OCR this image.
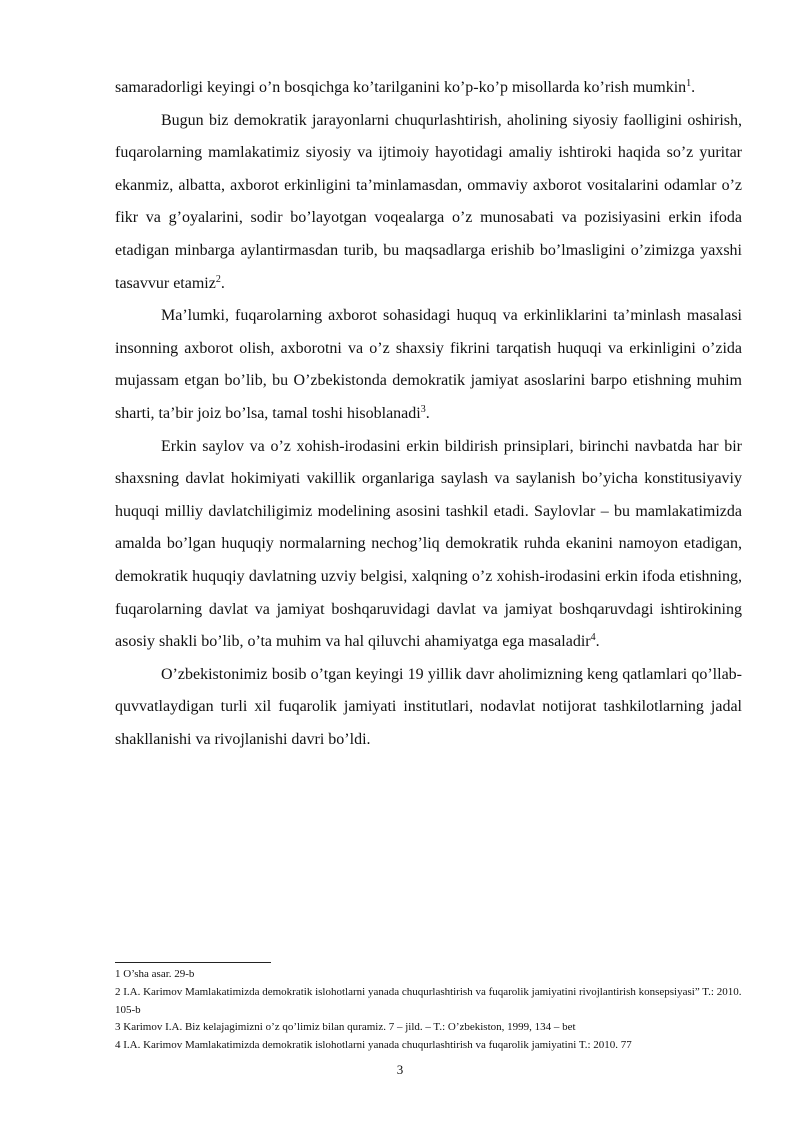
samaradorligi keyingi o’n bosqichga ko’tarilganini ko’p-ko’p misollarda ko’rish mumkin$^1$.

Bugun biz demokratik jarayonlarni chuqurlashtirish, aholining siyosiy faolligini oshirish, fuqarolarning mamlakatimiz siyosiy va ijtimoiy hayotidagi amaliy ishtiroki haqida so’z yuritar ekanmiz, albatta, axborot erkinligini ta’minlamasdan, ommaviy axborot vositalarini odamlar o’z fikr va g’oyalarini, sodir bo’layotgan voqealarga o’z munosabati va pozisiyasini erkin ifoda etadigan minbarga aylantirmasdan turib, bu maqsadlarga erishib bo’lmasligini o’zimizga yaxshi tasavvur etamiz$^2$.

Ma’lumki, fuqarolarning axborot sohasidagi huquq va erkinliklarini ta’minlash masalasi insonning axborot olish, axborotni va o’z shaxsiy fikrini tarqatish huquqi va erkinligini o’zida mujassam etgan bo’lib, bu O’zbekistonda demokratik jamiyat asoslarini barpo etishning muhim sharti, ta’bir joiz bo’lsa, tamal toshi hisoblanadi$^3$.

Erkin saylov va o’z xohish-irodasini erkin bildirish prinsiplari, birinchi navbatda har bir shaxsning davlat hokimiyati vakillik organlariga saylash va saylanish bo’yicha konstitusiyaviy huquqi milliy davlatchiligimiz modelining asosini tashkil etadi. Saylovlar – bu mamlakatimizda amalda bo’lgan huquqiy normalarning nechog’liq demokratik ruhda ekanini namoyon etadigan, demokratik huquqiy davlatning uzviy belgisi, xalqning o’z xohish-irodasini erkin ifoda etishning, fuqarolarning davlat va jamiyat boshqaruvidagi davlat va jamiyat boshqaruvdagi ishtirokining asosiy shakli bo’lib, o’ta muhim va hal qiluvchi ahamiyatga ega masaladir$^4$.

O’zbekistonimiz bosib o’tgan keyingi 19 yillik davr aholimizning keng qatlamlari qo’llab-quvvatlaydigan turli xil fuqarolik jamiyati institutlari, nodavlat notijorat tashkilotlarning jadal shakllanishi va rivojlanishi davri bo’ldi.

1 O’sha asar. 29-b

2 I.A. Karimov Mamlakatimizda demokratik islohotlarni yanada chuqurlashtirish va fuqarolik jamiyatini rivojlantirish konsepsiyasi” T.: 2010. 105-b

3 Karimov I.A. Biz kelajagimizni o’z qo’limiz bilan quramiz. 7 – jild. – T.: O’zbekiston, 1999, 134 – bet

4 I.A. Karimov Mamlakatimizda demokratik islohotlarni yanada chuqurlashtirish va fuqarolik jamiyatini T.: 2010. 77

3
